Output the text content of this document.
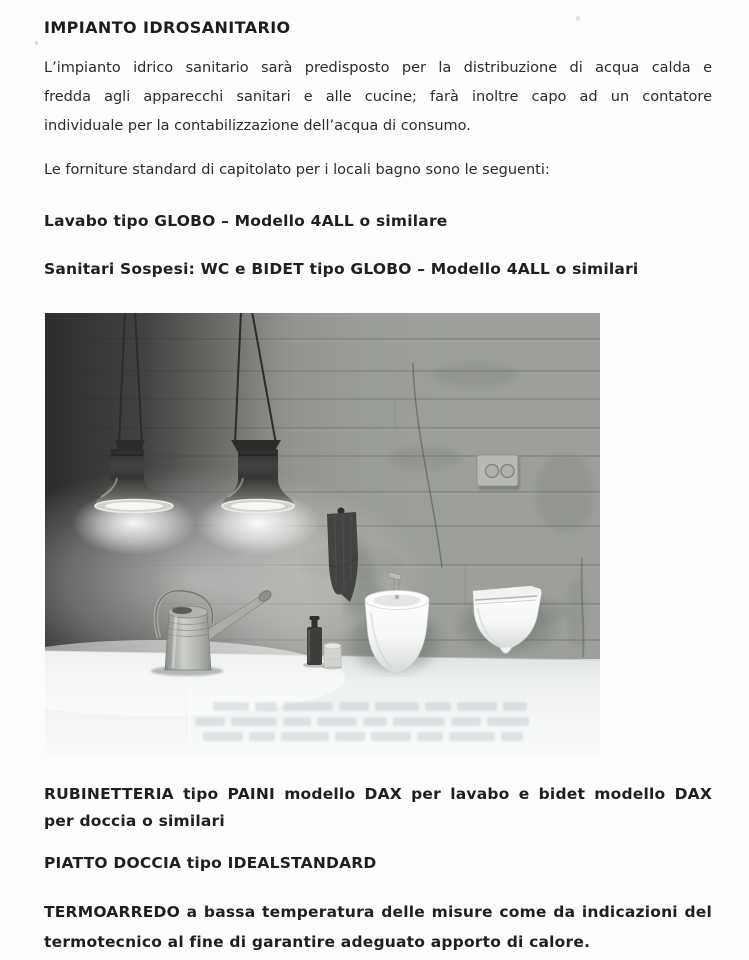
IMPIANTO IDROSANITARIO
L’impianto idrico sanitario sarà predisposto per la distribuzione di acqua calda e
fredda agli apparecchi sanitari e alle cucine; farà inoltre capo ad un contatore
individuale per la contabilizzazione dell’acqua di consumo.
Le forniture standard di capitolato per i locali bagno sono le seguenti:
Lavabo tipo GLOBO – Modello 4ALL o similare
Sanitari Sospesi: WC e BIDET tipo GLOBO – Modello 4ALL o similari
RUBINETTERIA tipo PAINI modello DAX per lavabo e bidet modello DAX
per doccia o similari
PIATTO DOCCIA tipo IDEALSTANDARD
TERMOARREDO a bassa temperatura delle misure come da indicazioni del
termotecnico al fine di garantire adeguato apporto di calore.
